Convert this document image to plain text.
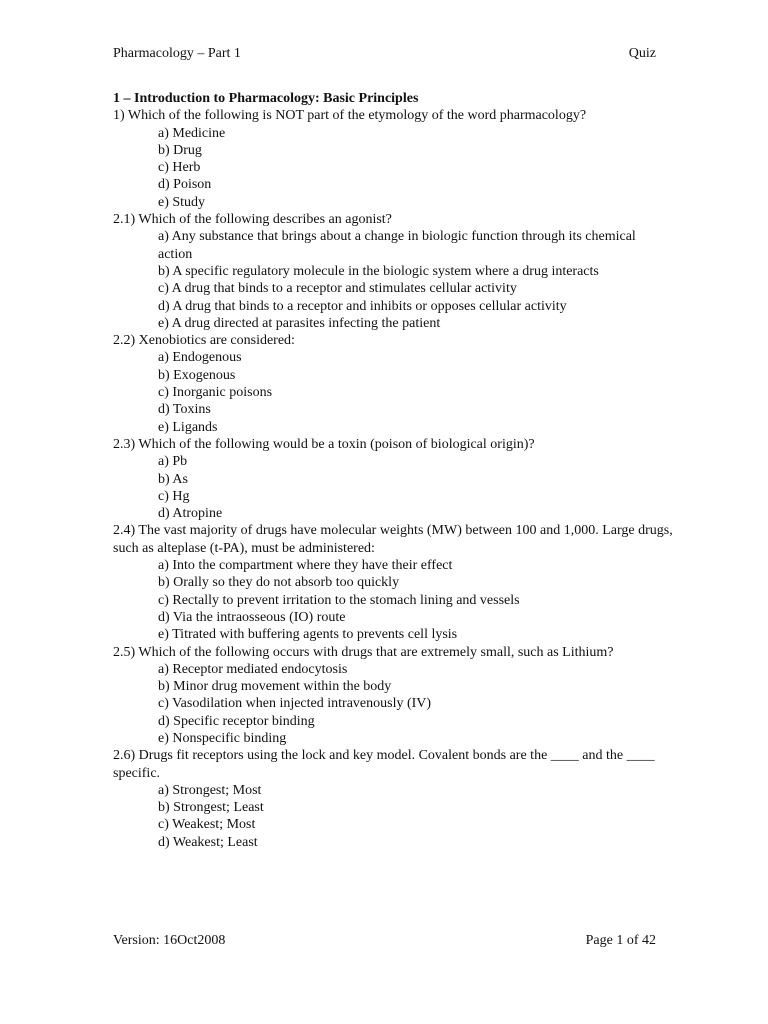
Pharmacology – Part 1	Quiz
1 – Introduction to Pharmacology: Basic Principles
1) Which of the following is NOT part of the etymology of the word pharmacology?
a) Medicine
b) Drug
c) Herb
d) Poison
e) Study
2.1) Which of the following describes an agonist?
a) Any substance that brings about a change in biologic function through its chemical action
b) A specific regulatory molecule in the biologic system where a drug interacts
c) A drug that binds to a receptor and stimulates cellular activity
d) A drug that binds to a receptor and inhibits or opposes cellular activity
e) A drug directed at parasites infecting the patient
2.2) Xenobiotics are considered:
a) Endogenous
b) Exogenous
c) Inorganic poisons
d) Toxins
e) Ligands
2.3) Which of the following would be a toxin (poison of biological origin)?
a) Pb
b) As
c) Hg
d) Atropine
2.4) The vast majority of drugs have molecular weights (MW) between 100 and 1,000. Large drugs, such as alteplase (t-PA), must be administered:
a) Into the compartment where they have their effect
b) Orally so they do not absorb too quickly
c) Rectally to prevent irritation to the stomach lining and vessels
d) Via the intraosseous (IO) route
e) Titrated with buffering agents to prevents cell lysis
2.5) Which of the following occurs with drugs that are extremely small, such as Lithium?
a) Receptor mediated endocytosis
b) Minor drug movement within the body
c) Vasodilation when injected intravenously (IV)
d) Specific receptor binding
e) Nonspecific binding
2.6) Drugs fit receptors using the lock and key model. Covalent bonds are the ____ and the ____ specific.
a) Strongest; Most
b) Strongest; Least
c) Weakest; Most
d) Weakest; Least
Version: 16Oct2008	Page 1 of 42
